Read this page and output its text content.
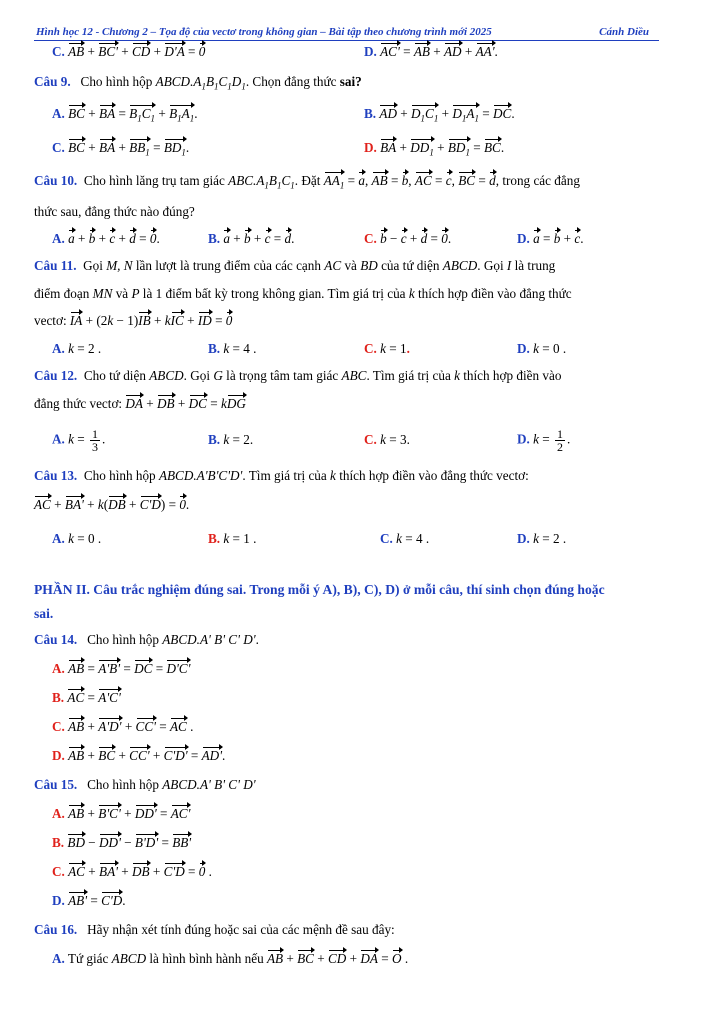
Hình học 12 - Chương 2 – Tọa độ của vectơ trong không gian – Bài tập theo chương trình mới 2025	Cánh Diều
C. AB + BC' + CD + D'A = 0	D. AC' = AB + AD + AA'.
Câu 9. Cho hình hộp $ABCD.A_1B_1C_1D_1$. Chọn đẳng thức sai?
A. BC + BA = $B_1C_1 + B_1A_1$.	B. AD + $D_1C_1 + D_1A_1$ = DC.
C. BC + BA + $BB_1 = BD_1$.	D. BA + $DD_1 + BD_1$ = BC.
Câu 10. Cho hình lăng trụ tam giác $ABC.A_1B_1C_1$. Đặt $AA_1 = a$, AB = b, AC = c, BC = d, trong các đẳng
thức sau, đẳng thức nào đúng?
A. a + b + c + d = 0.	B. a + b + c = d.	C. b − c + d = 0.	D. a = b + c.
Câu 11. Gọi M, N lần lượt là trung điểm của các cạnh AC và BD của tứ diện ABCD. Gọi I là trung
điểm đoạn MN và P là 1 điểm bất kỳ trong không gian. Tìm giá trị của k thích hợp điền vào đẳng thức
vectơ: IA + (2k − 1)IB + kIC + ID = 0
A. k = 2 .	B. k = 4 .	C. k = 1.	D. k = 0 .
Câu 12. Cho tứ diện ABCD. Gọi G là trọng tâm tam giác ABC. Tìm giá trị của k thích hợp điền vào
đẳng thức vectơ: DA + DB + DC = kDG
A. $k = \frac{1}{3}$ .	B. k = 2.	C. k = 3.	D. $k = \frac{1}{2}$ .
Câu 13. Cho hình hộp ABCD.A'B'C'D'. Tìm giá trị của k thích hợp điền vào đẳng thức vectơ:
AC + BA' + k(DB + C'D) = 0.
A. k = 0 .	B. k = 1 .	C. k = 4 .	D. k = 2 .
PHẦN II. Câu trắc nghiệm đúng sai. Trong mỗi ý A), B), C), D) ở mỗi câu, thí sinh chọn đúng hoặc
sai.
Câu 14. Cho hình hộp ABCD.A' B' C' D'.
A. AB = A'B' = DC = D'C'
B. AC = A'C'
C. AB + A'D' + CC' = AC .
D. AB + BC + CC' + C'D' = AD'.
Câu 15. Cho hình hộp ABCD.A' B' C' D'
A. AB + B'C' + DD' = AC'
B. BD − DD' − B'D' = BB'
C. AC + BA' + DB + C'D = 0 .
D. AB' = C'D.
Câu 16. Hãy nhận xét tính đúng hoặc sai của các mệnh đề sau đây:
A. Tứ giác ABCD là hình bình hành nếu AB + BC + CD + DA = O .
